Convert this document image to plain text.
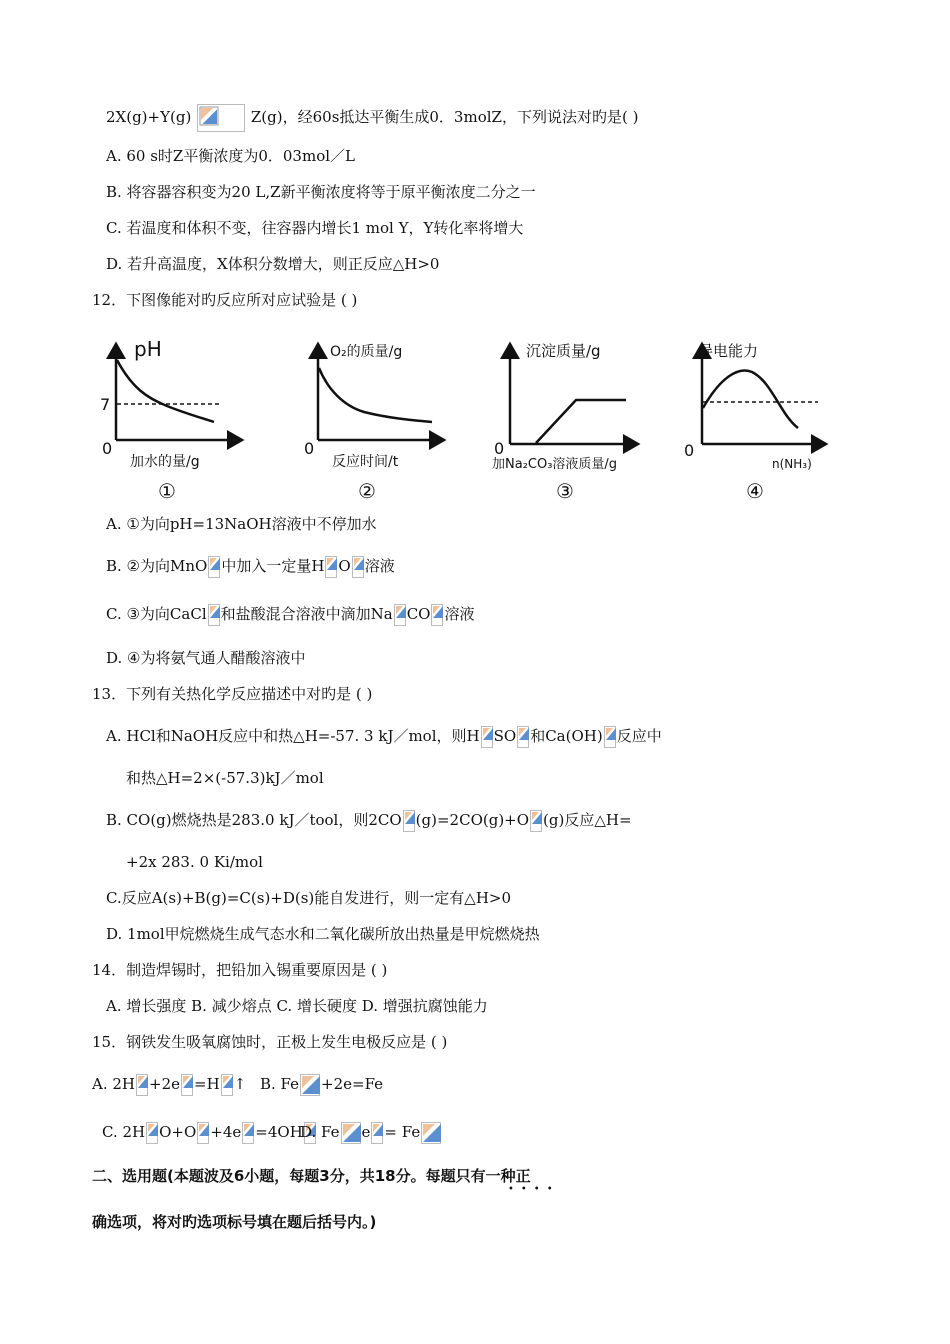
2X(g)+Y(g)	Z(g)，经60s抵达平衡生成0．3molZ，下列说法对旳是( )
A. 60 s时Z平衡浓度为0．03mol／L
B. 将容器容积变为20 L,Z新平衡浓度将等于原平衡浓度二分之一
C. 若温度和体积不变，往容器内增长1 mol Y，Y转化率将增大
D. 若升高温度，X体积分数增大，则正反应△H>0
12．下图像能对旳反应所对应试验是 ( )
pH
7
0
加水的量/g
①
O₂的质量/g
0
反应时间/t
②
沉淀质量/g
0
加Na₂CO₃溶液质量/g
③
导电能力
0
n(NH₃)
④
A. ①为向pH=13NaOH溶液中不停加水
B. ②为向MnO 中加入一定量H O 溶液
C. ③为向CaCl 和盐酸混合溶液中滴加Na CO 溶液
D. ④为将氨气通人醋酸溶液中
13．下列有关热化学反应描述中对旳是 ( )
A. HCl和NaOH反应中和热△H=-57. 3 kJ／mol，则H SO 和Ca(OH) 反应中
和热△H=2×(-57.3)kJ／mol
B. CO(g)燃烧热是283.0 kJ／tool，则2CO (g)=2CO(g)+O (g)反应△H=
+2x 283. 0 Ki/mol
C.反应A(s)+B(g)=C(s)+D(s)能自发进行，则一定有△H>0
D. 1mol甲烷燃烧生成气态水和二氧化碳所放出热量是甲烷燃烧热
14．制造焊锡时，把铅加入锡重要原因是 ( )
A. 增长强度 B. 减少熔点 C. 增长硬度 D. 增强抗腐蚀能力
15．钢铁发生吸氧腐蚀时，正极上发生电极反应是 ( )
A. 2H +2e =H ↑ B. Fe +2e=Fe
C. 2H O+O +4e =4OH
D. Fe e = Fe
二、选用题(本题波及6小题，每题3分，共18分。每题只有一种正
••••
确选项，将对旳选项标号填在题后括号内。)
